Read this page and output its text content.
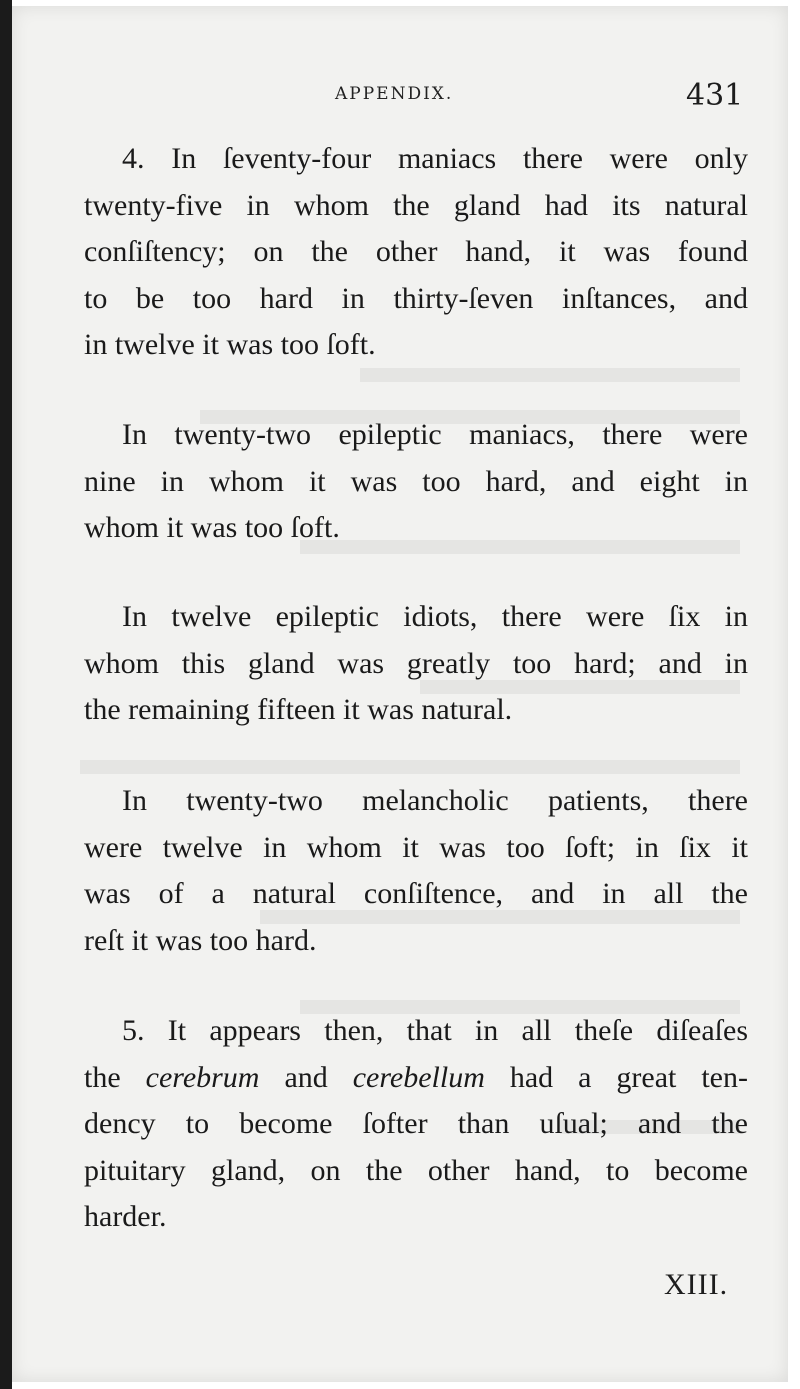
APPENDIX.	431
4. In ſeventy-four maniacs there were only
twenty-five in whom the gland had its natural
conſiſtency; on the other hand, it was found
to be too hard in thirty-ſeven inſtances, and
in twelve it was too ſoft.
In twenty-two epileptic maniacs, there were
nine in whom it was too hard, and eight in
whom it was too ſoft.
In twelve epileptic idiots, there were ſix in
whom this gland was greatly too hard; and in
the remaining fifteen it was natural.
In twenty-two melancholic patients, there
were twelve in whom it was too ſoft; in ſix it
was of a natural conſiſtence, and in all the
reſt it was too hard.
5. It appears then, that in all theſe diſeaſes
the cerebrum and cerebellum had a great ten-
dency to become ſofter than uſual; and the
pituitary gland, on the other hand, to become
harder.
XIII.
